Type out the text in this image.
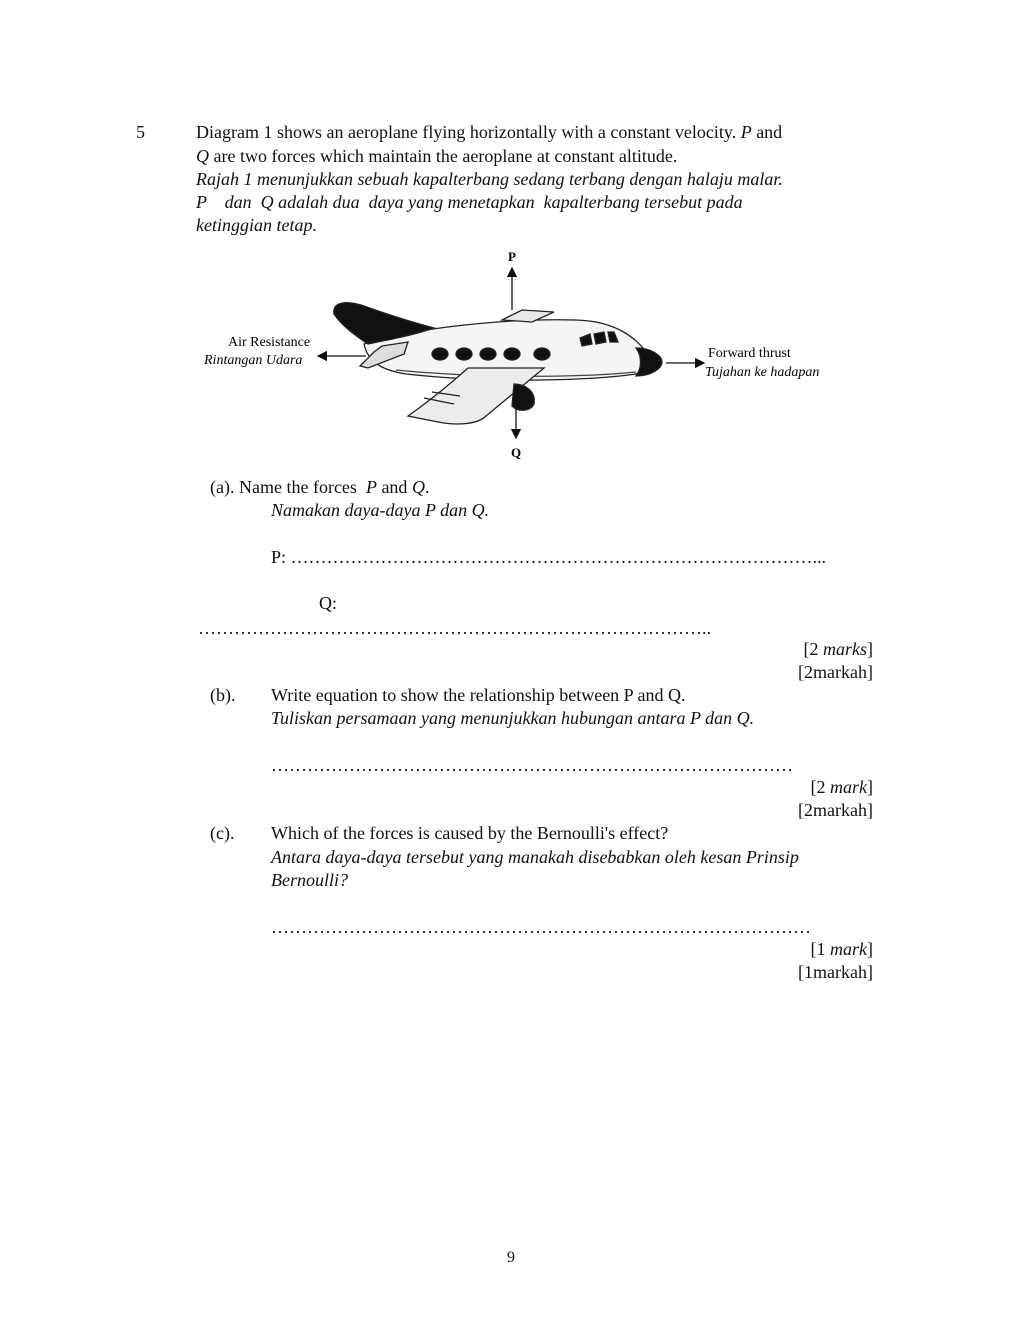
5	Diagram 1 shows an aeroplane flying horizontally with a constant velocity. P and
Q are two forces which maintain the aeroplane at constant altitude.
Rajah 1 menunjukkan sebuah kapalterbang sedang terbang dengan halaju malar.
P    dan  Q adalah dua  daya yang menetapkan  kapalterbang tersebut pada
ketinggian tetap.
P
Q
Air Resistance
Rintangan Udara	Forward thrust
Tujahan ke hadapan
(a). Name the forces  P and Q.
Namakan daya-daya P dan Q.
P: ……………………………………………………………………………...
Q:
…………………………………………………………………………..
[2 marks]
[2markah]
(b). Write equation to show the relationship between P and Q.
Tuliskan persamaan yang menunjukkan hubungan antara P dan Q.
……………………………………………………………………………
[2 mark]
[2markah]
(c). Which of the forces is caused by the Bernoulli's effect?
Antara daya-daya tersebut yang manakah disebabkan oleh kesan Prinsip
Bernoulli?
………………………………………………………………………………
[1 mark]
[1markah]
9
